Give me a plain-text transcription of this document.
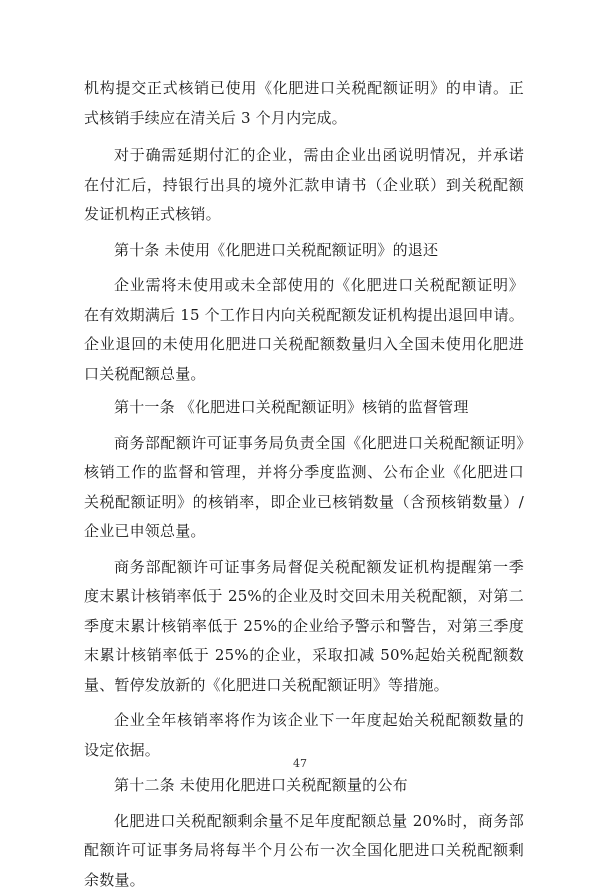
机构提交正式核销已使用《化肥进口关税配额证明》的申请。正式核销手续应在清关后 3 个月内完成。

对于确需延期付汇的企业，需由企业出函说明情况，并承诺在付汇后，持银行出具的境外汇款申请书（企业联）到关税配额发证机构正式核销。

第十条 未使用《化肥进口关税配额证明》的退还

企业需将未使用或未全部使用的《化肥进口关税配额证明》在有效期满后 15 个工作日内向关税配额发证机构提出退回申请。企业退回的未使用化肥进口关税配额数量归入全国未使用化肥进口关税配额总量。

第十一条 《化肥进口关税配额证明》核销的监督管理

商务部配额许可证事务局负责全国《化肥进口关税配额证明》核销工作的监督和管理，并将分季度监测、公布企业《化肥进口关税配额证明》的核销率，即企业已核销数量（含预核销数量）/企业已申领总量。

商务部配额许可证事务局督促关税配额发证机构提醒第一季度末累计核销率低于 25%的企业及时交回未用关税配额，对第二季度末累计核销率低于 25%的企业给予警示和警告，对第三季度末累计核销率低于 25%的企业，采取扣减 50%起始关税配额数量、暂停发放新的《化肥进口关税配额证明》等措施。

企业全年核销率将作为该企业下一年度起始关税配额数量的设定依据。

第十二条 未使用化肥进口关税配额量的公布

化肥进口关税配额剩余量不足年度配额总量 20%时，商务部配额许可证事务局将每半个月公布一次全国化肥进口关税配额剩余数量。

47
